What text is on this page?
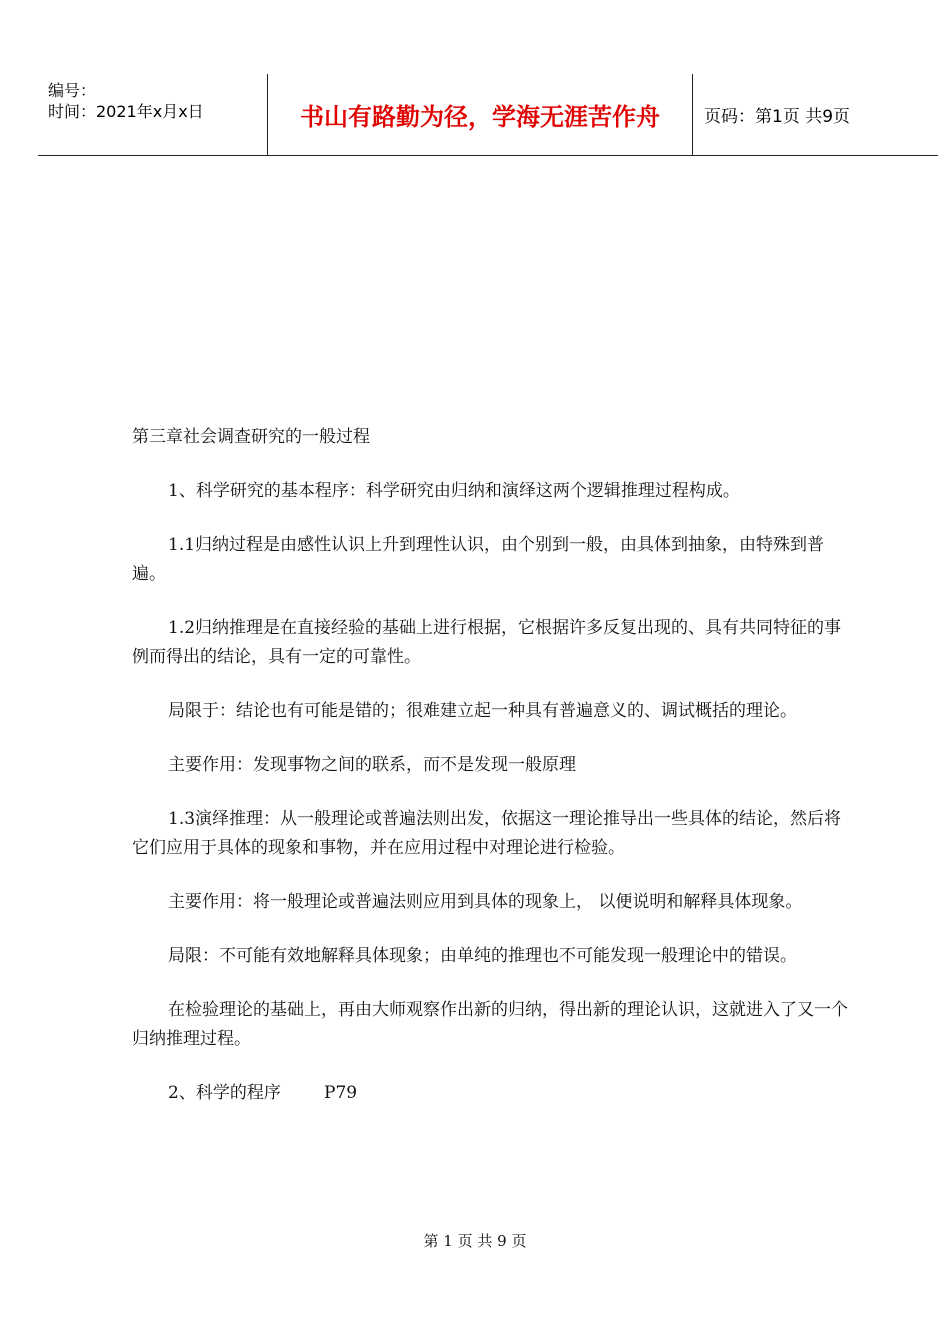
编号：
时间：2021年x月x日	书山有路勤为径，学海无涯苦作舟	页码：第1页 共9页
第三章社会调查研究的一般过程
1、科学研究的基本程序：科学研究由归纳和演绎这两个逻辑推理过程构成。
1.1归纳过程是由感性认识上升到理性认识，由个别到一般，由具体到抽象，由特殊到普遍。
1.2归纳推理是在直接经验的基础上进行根据，它根据许多反复出现的、具有共同特征的事例而得出的结论，具有一定的可靠性。
局限于：结论也有可能是错的；很难建立起一种具有普遍意义的、调试概括的理论。
主要作用：发现事物之间的联系，而不是发现一般原理
1.3演绎推理：从一般理论或普遍法则出发，依据这一理论推导出一些具体的结论，然后将它们应用于具体的现象和事物，并在应用过程中对理论进行检验。
主要作用：将一般理论或普遍法则应用到具体的现象上， 以便说明和解释具体现象。
局限：不可能有效地解释具体现象；由单纯的推理也不可能发现一般理论中的错误。
在检验理论的基础上，再由大师观察作出新的归纳，得出新的理论认识，这就进入了又一个归纳推理过程。
2、科学的程序        P79
第 1 页 共 9 页
